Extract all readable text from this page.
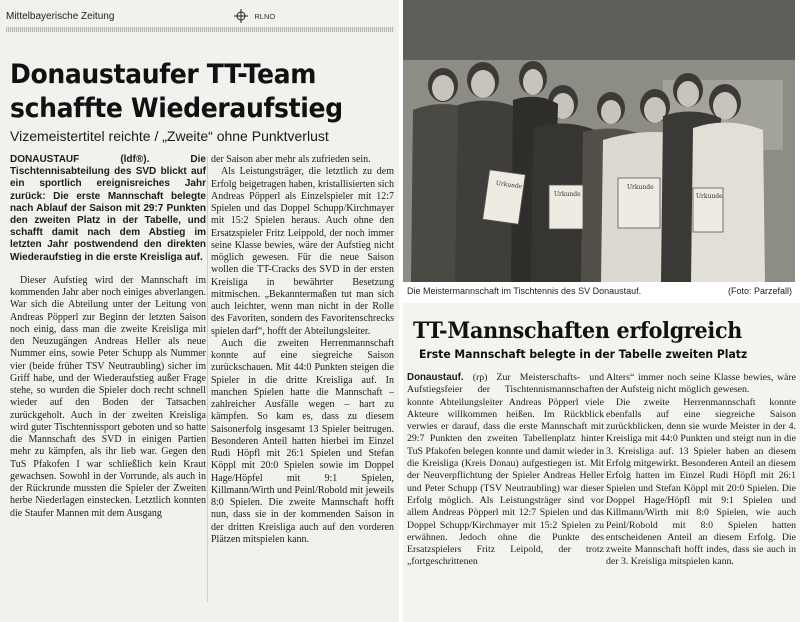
Mittelbayerische Zeitung	RLNO
Donaustaufer TT-Team
schaffte Wiederaufstieg
Vizemeistertitel reichte / „Zweite“ ohne Punktverlust

DONAUSTAUF (ldf®). Die Tischtennisabteilung des SVD blickt auf ein sportlich ereignisreiches Jahr zurück: Die erste Mannschaft belegte nach Ablauf der Saison mit 29:7 Punkten den zweiten Platz in der Tabelle, und schafft damit nach dem Abstieg im letzten Jahr postwendend den direkten Wiederaufstieg in die erste Kreisliga auf.

Dieser Aufstieg wird der Mannschaft im kommenden Jahr aber noch einiges abverlangen. War sich die Abteilung unter der Leitung von Andreas Pöpperl zur Beginn der letzten Saison noch einig, dass man die zweite Kreisliga mit den Neuzugängen Andreas Heller als neue Nummer eins, sowie Peter Schupp als Nummer vier (beide früher TSV Neutraubling) sicher im Griff habe, und der Wiederaufstieg außer Frage stehe, so wurden die Spieler doch recht schnell wieder auf den Boden der Tatsachen zurückgeholt. Auch in der zweiten Kreisliga wird guter Tischtennissport geboten und so hatte die Mannschaft des SVD in einigen Partien mehr zu kämpfen, als ihr lieb war. Gegen den TuS Pfakofen I war schließlich kein Kraut gewachsen. Sowohl in der Vorrunde, als auch in der Rückrunde mussten die Spieler der Zweiten herbe Niederlagen einstecken. Letztlich konnten die Staufer Mannen mit dem Ausgang

der Saison aber mehr als zufrieden sein.

Als Leistungsträger, die letztlich zu dem Erfolg beigetragen haben, kristallisierten sich Andreas Pöpperl als Einzelspieler mit 12:7 Spielen und das Doppel Schupp/Kirchmayer mit 15:2 Spielen heraus. Auch ohne den Ersatzspieler Fritz Leippold, der noch immer seine Klasse bewies, wäre der Aufstieg nicht möglich gewesen. Für die neue Saison wollen die TT-Cracks des SVD in der ersten Kreisliga in bewährter Besetzung mitmischen. „Bekanntermaßen tut man sich auch leichter, wenn man nicht in der Rolle des Favoriten, sondern des Favoritenschrecks spielen darf“, hofft der Abteilungsleiter.

Auch die zweiten Herrenmannschaft konnte auf eine siegreiche Saison zurückschauen. Mit 44:0 Punkten steigen die Spieler in die dritte Kreisliga auf. In manchen Spielen hatte die Mannschaft – zahlreicher Ausfälle wegen – hart zu kämpfen. So kam es, dass zu diesem Saisonerfolg insgesamt 13 Spieler beitrugen. Besonderen Anteil hatten hierbei im Einzel Rudi Höpfl mit 26:1 Spielen und Stefan Köppl mit 20:0 Spielen sowie im Doppel Hage/Höpfel mit 9:1 Spielen, Killmann/Wirth und Peinl/Robold mit jeweils 8:0 Spielen. Die zweite Mannschaft hofft nun, dass sie in der kommenden Saison in der dritten Kreisliga auch auf den vorderen Plätzen mitspielen kann.

Urkunde
Urkunde
Urkunde
Urkunde
Die Meistermannschaft im Tischtennis des SV Donaustauf.	(Foto: Parzefall)
TT-Mannschaften erfolgreich
Erste Mannschaft belegte in der Tabelle zweiten Platz

Donaustauf. (rp) Zur Meisterschafts- und Aufstiegsfeier der Tischtennismannschaften konnte Abteilungsleiter Andreas Pöpperl viele Akteure willkommen heißen. Im Rückblick verwies er darauf, dass die erste Mannschaft mit 29:7 Punkten den zweiten Tabellenplatz hinter TuS Pfakofen belegen konnte und damit wieder in die Kreisliga (Kreis Donau) aufgestiegen ist. Mit der Neuverpflichtung der Spieler Andreas Heller und Peter Schupp (TSV Neutraubling) war dieser Erfolg möglich. Als Leistungsträger sind vor allem Andreas Pöpperl mit 12:7 Spielen und das Doppel Schupp/Kirchmayer mit 15:2 Spielen zu erwähnen. Jedoch ohne die Punkte des Ersatzspielers Fritz Leipold, der trotz „fortgeschrittenen

Alters“ immer noch seine Klasse bewies, wäre der Aufsteig nicht möglich gewesen.

Die zweite Herrenmannschaft konnte ebenfalls auf eine siegreiche Saison zurückblicken, denn sie wurde Meister in der 4. Kreisliga mit 44:0 Punkten und steigt nun in die 3. Kreisliga auf. 13 Spieler haben an diesem Erfolg mitgewirkt. Besonderen Anteil an diesem Erfolg hatten im Einzel Rudi Höpfl mit 26:1 Spielen und Stefan Köppl mit 20:0 Spielen. Die Doppel Hage/Höpfl mit 9:1 Spielen und Killmann/Wirth mit 8:0 Spielen, wie auch Peinl/Robold mit 8:0 Spielen hatten entscheidenen Anteil an diesem Erfolg. Die zweite Mannschaft hofft indes, dass sie auch in der 3. Kreisliga mitspielen kann.
